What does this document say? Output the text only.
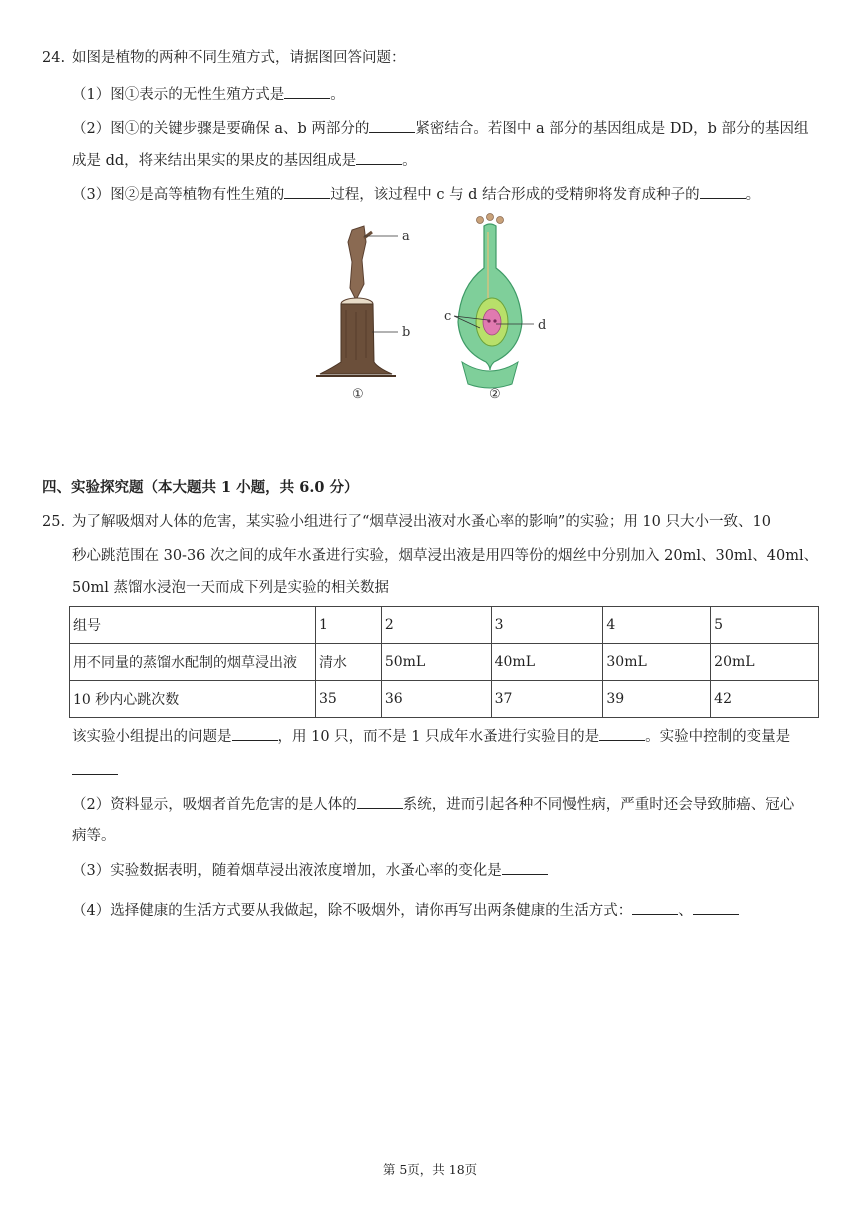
24. 如图是植物的两种不同生殖方式，请据图回答问题：
（1）图①表示的无性生殖方式是	。
（2）图①的关键步骤是要确保 a、b 两部分的	紧密结合。若图中 a 部分的基因组成是 DD，b 部分的基因组
成是 dd，将来结出果实的果皮的基因组成是	。
（3）图②是高等植物有性生殖的	过程，该过程中 c 与 d 结合形成的受精卵将发育成种子的	。
a
b
①
c
d
②
四、实验探究题（本大题共 1 小题，共 6.0 分）
25. 为了解吸烟对人体的危害，某实验小组进行了“烟草浸出液对水蚤心率的影响”的实验；用 10 只大小一致、10
秒心跳范围在 30-36 次之间的成年水蚤进行实验，烟草浸出液是用四等份的烟丝中分别加入 20ml、30ml、40ml、
50ml 蒸馏水浸泡一天而成下列是实验的相关数据
组号	1	2	3	4	5
用不同量的蒸馏水配制的烟草浸出液	清水	50mL	40mL	30mL	20mL
10 秒内心跳次数	35	36	37	39	42
该实验小组提出的问题是	，用 10 只，而不是 1 只成年水蚤进行实验目的是	。实验中控制的变量是
（2）资料显示，吸烟者首先危害的是人体的	系统，进而引起各种不同慢性病，严重时还会导致肺癌、冠心
病等。
（3）实验数据表明，随着烟草浸出液浓度增加，水蚤心率的变化是
（4）选择健康的生活方式要从我做起，除不吸烟外，请你再写出两条健康的生活方式：	、
第 5页，共 18页
